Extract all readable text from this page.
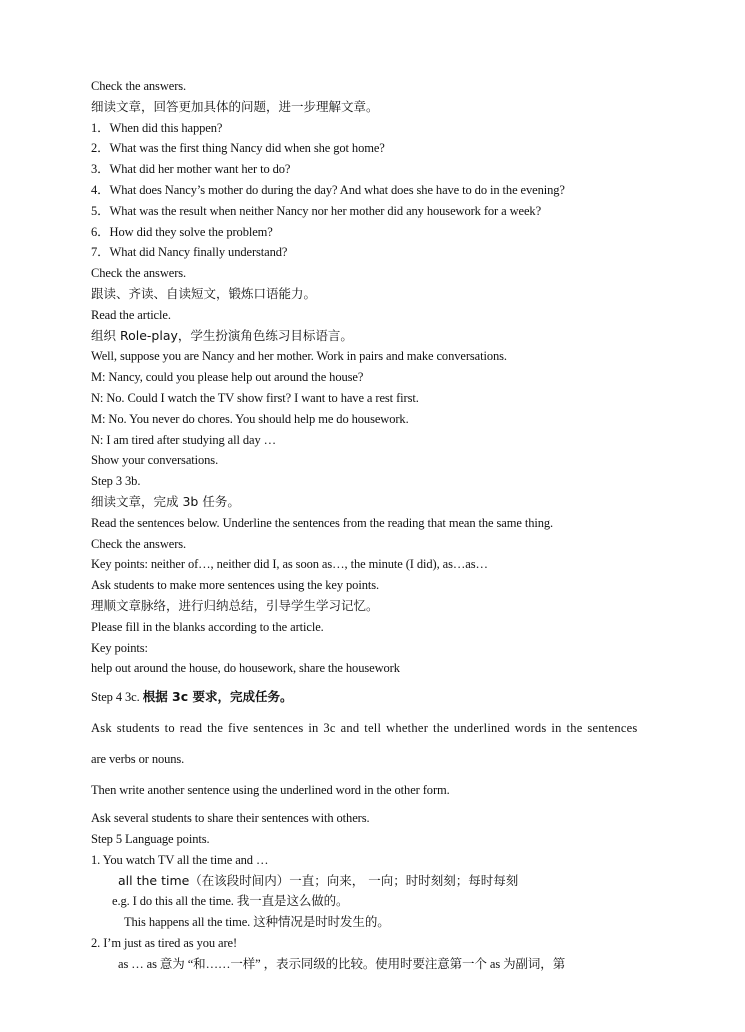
Check the answers.
细读文章，回答更加具体的问题，进一步理解文章。
1．When did this happen?
2．What was the first thing Nancy did when she got home?
3．What did her mother want her to do?
4．What does Nancy’s mother do during the day? And what does she have to do in the evening?
5．What was the result when neither Nancy nor her mother did any housework for a week?
6．How did they solve the problem?
7．What did Nancy finally understand?
Check the answers.
跟读、齐读、自读短文，锻炼口语能力。
Read the article.
组织 Role-play，学生扮演角色练习目标语言。
Well, suppose you are Nancy and her mother. Work in pairs and make conversations.
M: Nancy, could you please help out around the house?
N: No. Could I watch the TV show first? I want to have a rest first.
M: No. You never do chores. You should help me do housework.
N: I am tired after studying all day …
Show your conversations.
Step 3 3b.
细读文章，完成 3b 任务。
Read the sentences below. Underline the sentences from the reading that mean the same thing.
Check the answers.
Key points: neither of…, neither did I, as soon as…, the minute (I did), as…as…
Ask students to make more sentences using the key points.
理顺文章脉络，进行归纳总结，引导学生学习记忆。
Please fill in the blanks according to the article.
Key points:
help out around the house, do housework, share the housework
Step 4 3c. 根据 3c 要求，完成任务。
Ask students to read the five sentences in 3c and tell whether the underlined words in the sentences
are verbs or nouns.
Then write another sentence using the underlined word in the other form.
Ask several students to share their sentences with others.
Step 5 Language points.
1. You watch TV all the time and …
all the time（在该段时间内）一直；向来， 一向；时时刻刻；每时每刻
e.g. I do this all the time. 我一直是这么做的。
This happens all the time. 这种情况是时时发生的。
2. I’m just as tired as you are!
as … as 意为 “和……一样” ，表示同级的比较。使用时要注意第一个 as 为副词，第
